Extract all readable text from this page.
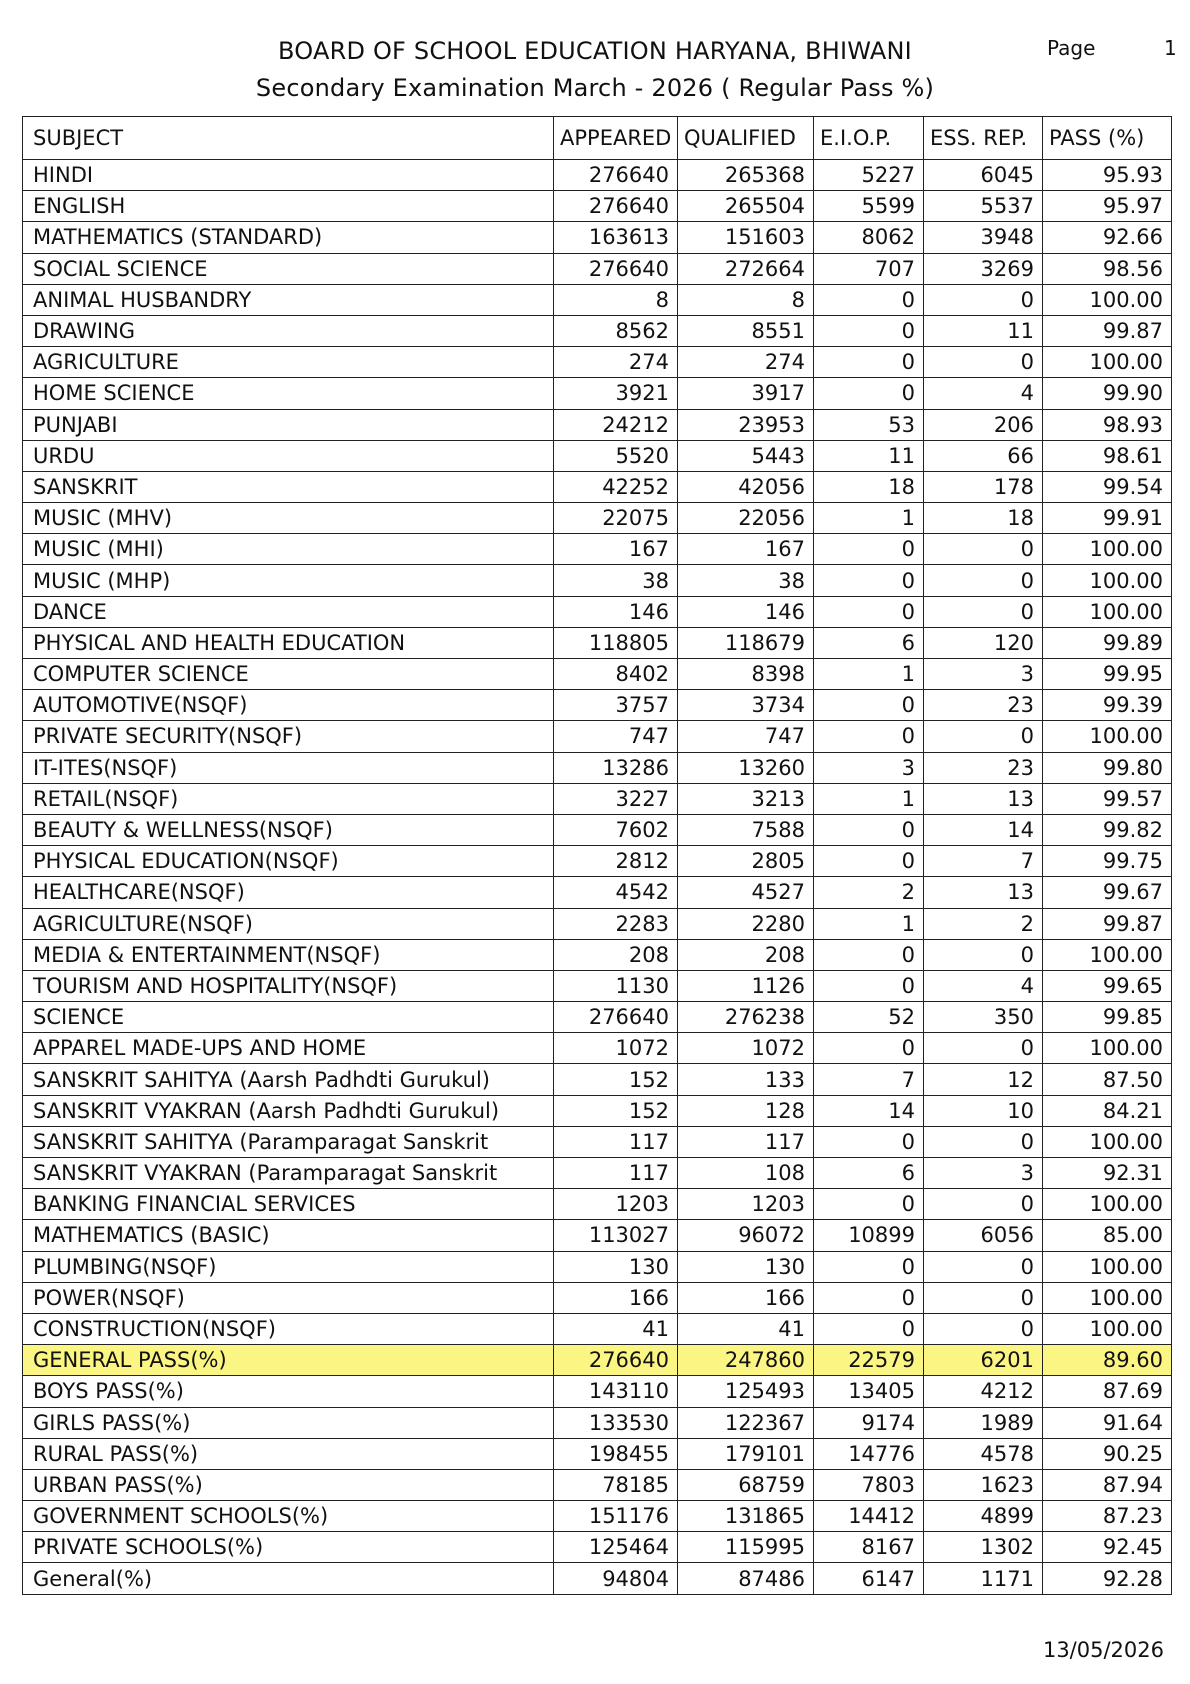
BOARD OF SCHOOL EDUCATION HARYANA, BHIWANI
Secondary Examination March - 2026 ( Regular Pass %)
Page	1
SUBJECT	APPEARED	QUALIFIED	E.I.O.P.	ESS. REP.	PASS (%)
HINDI	276640	265368	5227	6045	95.93
ENGLISH	276640	265504	5599	5537	95.97
MATHEMATICS (STANDARD)	163613	151603	8062	3948	92.66
SOCIAL SCIENCE	276640	272664	707	3269	98.56
ANIMAL HUSBANDRY	8	8	0	0	100.00
DRAWING	8562	8551	0	11	99.87
AGRICULTURE	274	274	0	0	100.00
HOME SCIENCE	3921	3917	0	4	99.90
PUNJABI	24212	23953	53	206	98.93
URDU	5520	5443	11	66	98.61
SANSKRIT	42252	42056	18	178	99.54
MUSIC (MHV)	22075	22056	1	18	99.91
MUSIC (MHI)	167	167	0	0	100.00
MUSIC (MHP)	38	38	0	0	100.00
DANCE	146	146	0	0	100.00
PHYSICAL AND HEALTH EDUCATION	118805	118679	6	120	99.89
COMPUTER SCIENCE	8402	8398	1	3	99.95
AUTOMOTIVE(NSQF)	3757	3734	0	23	99.39
PRIVATE SECURITY(NSQF)	747	747	0	0	100.00
IT-ITES(NSQF)	13286	13260	3	23	99.80
RETAIL(NSQF)	3227	3213	1	13	99.57
BEAUTY & WELLNESS(NSQF)	7602	7588	0	14	99.82
PHYSICAL EDUCATION(NSQF)	2812	2805	0	7	99.75
HEALTHCARE(NSQF)	4542	4527	2	13	99.67
AGRICULTURE(NSQF)	2283	2280	1	2	99.87
MEDIA & ENTERTAINMENT(NSQF)	208	208	0	0	100.00
TOURISM AND HOSPITALITY(NSQF)	1130	1126	0	4	99.65
SCIENCE	276640	276238	52	350	99.85
APPAREL MADE-UPS AND HOME	1072	1072	0	0	100.00
SANSKRIT SAHITYA (Aarsh Padhdti Gurukul)	152	133	7	12	87.50
SANSKRIT VYAKRAN (Aarsh Padhdti Gurukul)	152	128	14	10	84.21
SANSKRIT SAHITYA (Paramparagat Sanskrit	117	117	0	0	100.00
SANSKRIT VYAKRAN (Paramparagat Sanskrit	117	108	6	3	92.31
BANKING FINANCIAL SERVICES	1203	1203	0	0	100.00
MATHEMATICS (BASIC)	113027	96072	10899	6056	85.00
PLUMBING(NSQF)	130	130	0	0	100.00
POWER(NSQF)	166	166	0	0	100.00
CONSTRUCTION(NSQF)	41	41	0	0	100.00
GENERAL PASS(%)	276640	247860	22579	6201	89.60
BOYS PASS(%)	143110	125493	13405	4212	87.69
GIRLS PASS(%)	133530	122367	9174	1989	91.64
RURAL PASS(%)	198455	179101	14776	4578	90.25
URBAN PASS(%)	78185	68759	7803	1623	87.94
GOVERNMENT SCHOOLS(%)	151176	131865	14412	4899	87.23
PRIVATE SCHOOLS(%)	125464	115995	8167	1302	92.45
General(%)	94804	87486	6147	1171	92.28
13/05/2026
